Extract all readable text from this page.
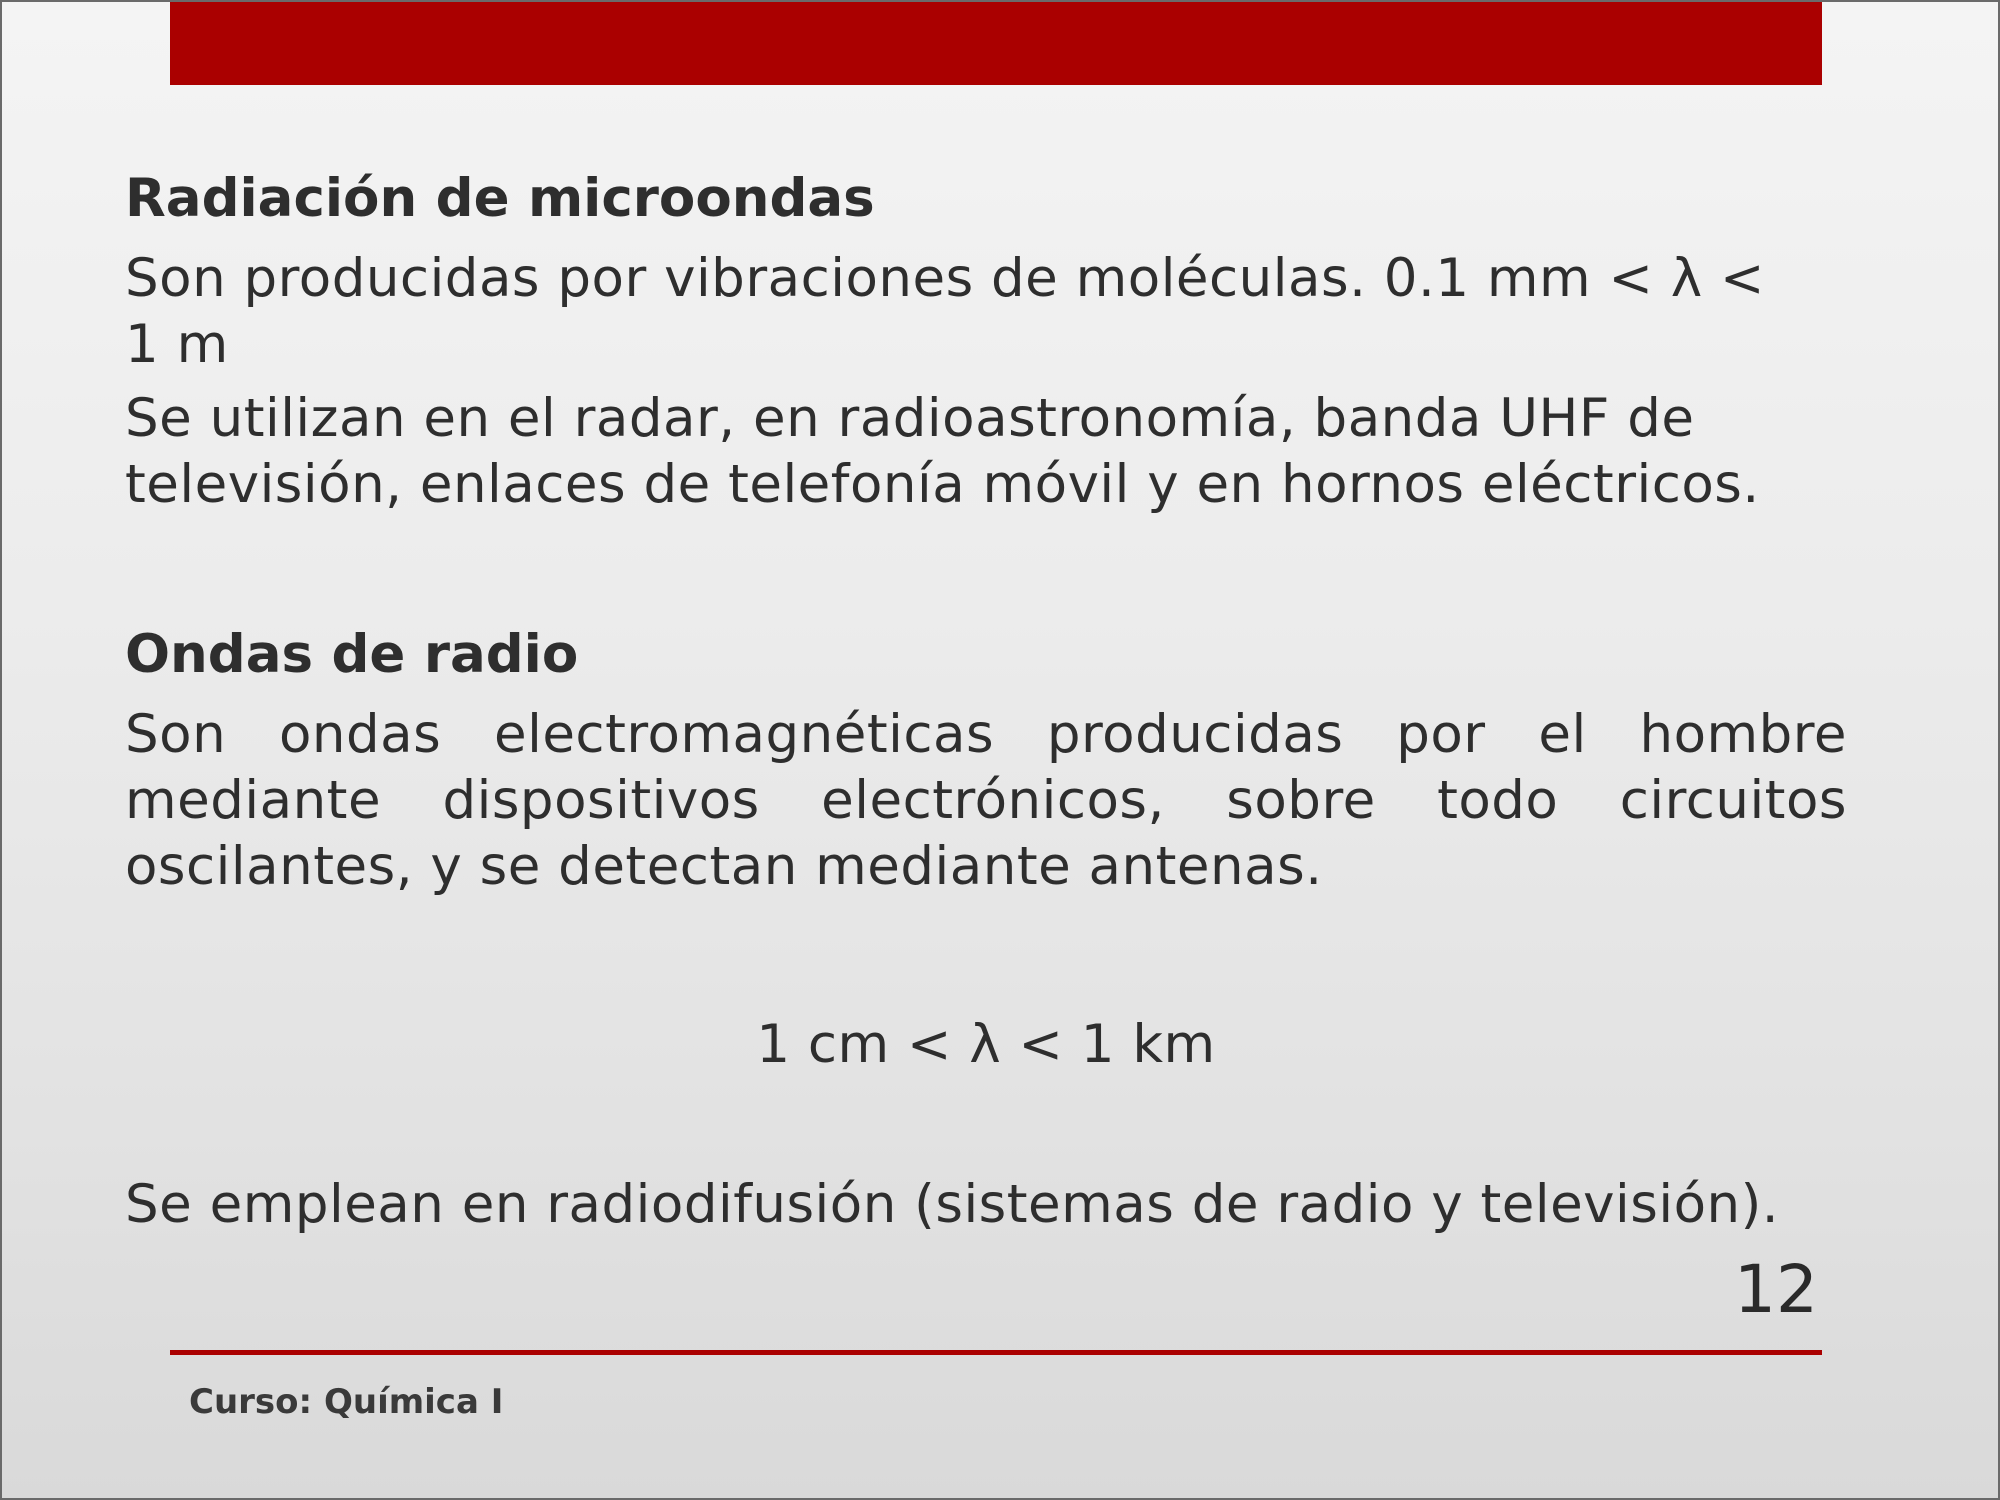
Radiación de microondas

Son producidas por vibraciones de moléculas. 0.1 mm < λ <
1 m

Se utilizan en el radar, en radioastronomía, banda UHF de
televisión, enlaces de telefonía móvil y en hornos eléctricos.

Ondas de radio

Son ondas electromagnéticas producidas por el hombre mediante dispositivos electrónicos, sobre todo circuitos oscilantes, y se detectan mediante antenas.

1 cm < λ < 1 km

Se emplean en radiodifusión (sistemas de radio y televisión).

12
Curso: Química I
